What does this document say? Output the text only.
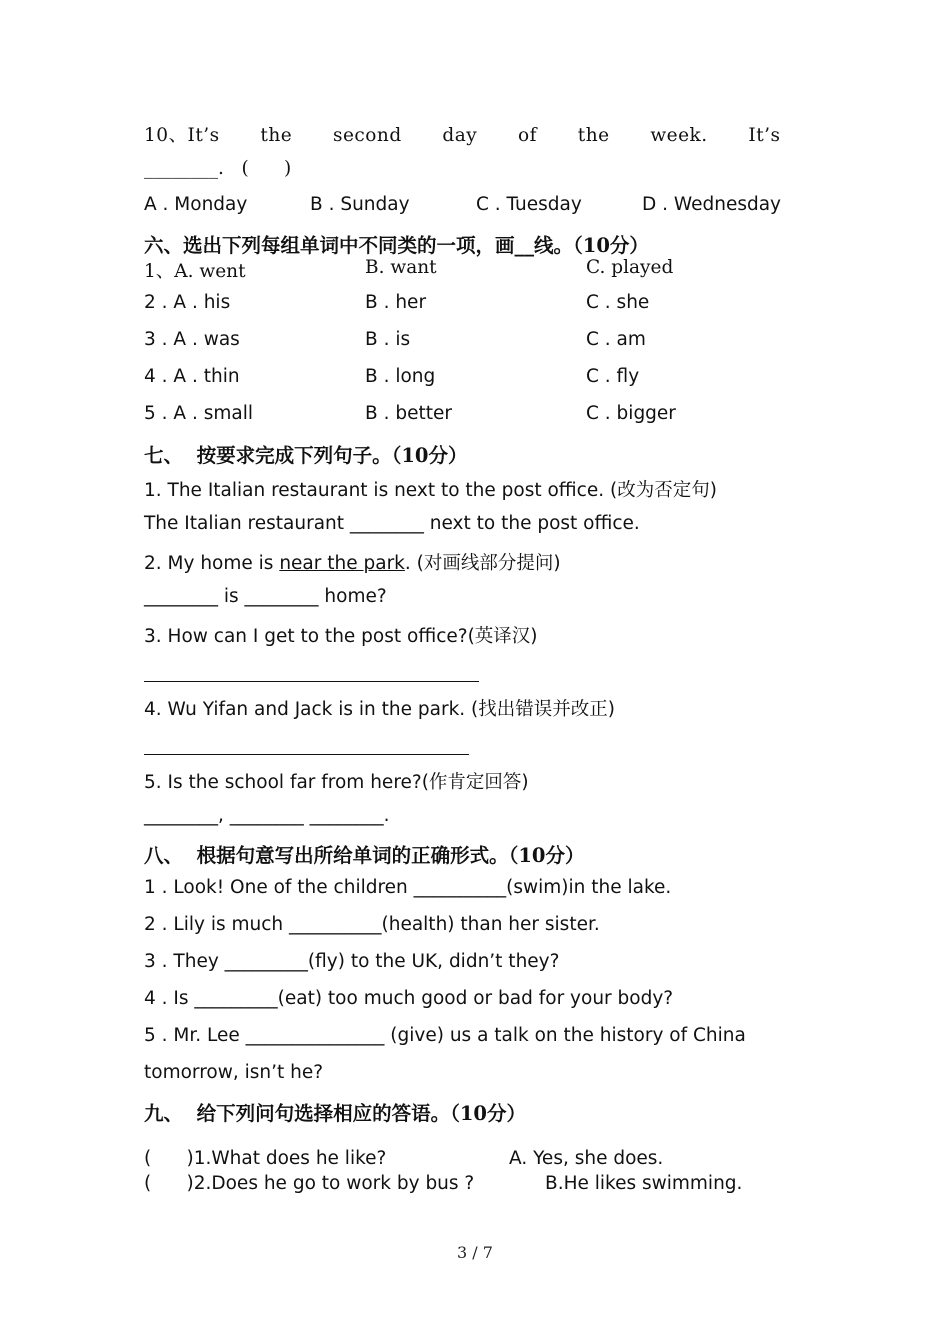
10、It’s  the  second  day  of  the  week.  It’s
________. (      )
A . Monday	B . Sunday	C . Tuesday	D . Wednesday
六、选出下列每组单词中不同类的一项，画__线。（10分）
1、A. went	B. want	C. played
2 . A . his	B . her	C . she
3 . A . was	B . is	C . am
4 . A . thin	B . long	C . fly
5 . A . small	B . better	C . bigger
七、  按要求完成下列句子。（10分）
1. The Italian restaurant is next to the post office. (改为否定句)
The Italian restaurant ________ next to the post office.
2. My home is near the park. (对画线部分提问)
________ is ________ home?
3. How can I get to the post office?(英译汉)
4. Wu Yifan and Jack is in the park. (找出错误并改正)
5. Is the school far from here?(作肯定回答)
________, ________ ________.
八、  根据句意写出所给单词的正确形式。（10分）
1 . Look! One of the children __________(swim)in the lake.
2 . Lily is much __________(health) than her sister.
3 . They _________(fly) to the UK, didn’t they?
4 . Is _________(eat) too much good or bad for your body?
5 . Mr. Lee _______________ (give) us a talk on the history of China
tomorrow, isn’t he?
九、  给下列问句选择相应的答语。（10分）
(      )1.What does he like?	A. Yes, she does.
(      )2.Does he go to work by bus ?	B.He likes swimming.
3 / 7
